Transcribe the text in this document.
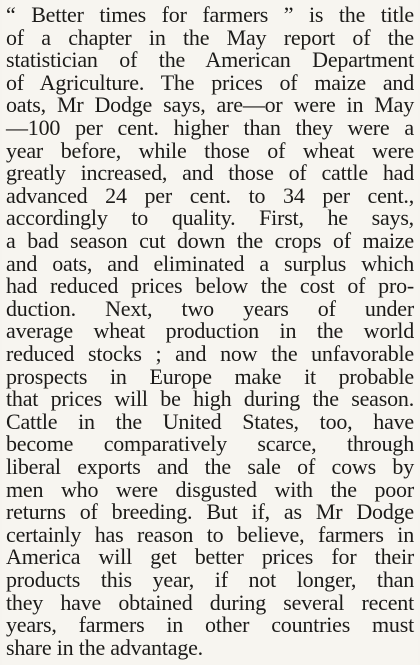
“ Better times for farmers ” is the title
of a chapter in the May report of the
statistician of the American Department
of Agriculture. The prices of maize and
oats, Mr Dodge says, are—or were in May
—100 per cent. higher than they were a
year before, while those of wheat were
greatly increased, and those of cattle had
advanced 24 per cent. to 34 per cent.,
accordingly to quality. First, he says,
a bad season cut down the crops of maize
and oats, and eliminated a surplus which
had reduced prices below the cost of pro-
duction. Next, two years of under
average wheat production in the world
reduced stocks ; and now the unfavorable
prospects in Europe make it probable
that prices will be high during the season.
Cattle in the United States, too, have
become comparatively scarce, through
liberal exports and the sale of cows by
men who were disgusted with the poor
returns of breeding. But if, as Mr Dodge
certainly has reason to believe, farmers in
America will get better prices for their
products this year, if not longer, than
they have obtained during several recent
years, farmers in other countries must
share in the advantage.
